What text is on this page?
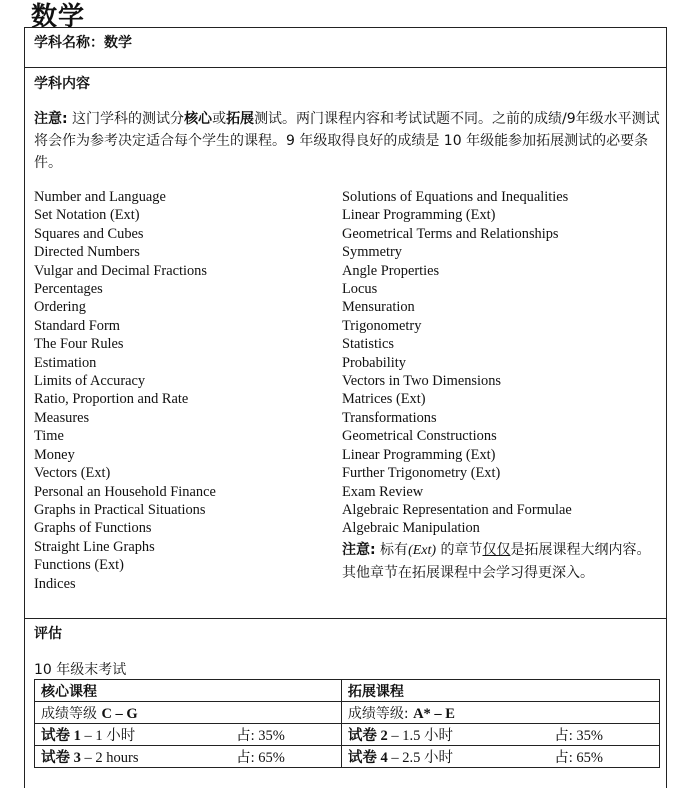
数学
学科名称：数学
学科内容
注意: 这门学科的测试分核心或拓展测试。两门课程内容和考试试题不同。之前的成绩/9年级水平测试将会作为参考决定适合每个学生的课程。9 年级取得良好的成绩是 10 年级能参加拓展测试的必要条件。
Number and Language
Set Notation (Ext)
Squares and Cubes
Directed Numbers
Vulgar and Decimal Fractions
Percentages
Ordering
Standard Form
The Four Rules
Estimation
Limits of Accuracy
Ratio, Proportion and Rate
Measures
Time
Money
Vectors (Ext)
Personal an Household Finance
Graphs in Practical Situations
Graphs of Functions
Straight Line Graphs
Functions (Ext)
Indices
Solutions of Equations and Inequalities
Linear Programming (Ext)
Geometrical Terms and Relationships
Symmetry
Angle Properties
Locus
Mensuration
Trigonometry
Statistics
Probability
Vectors in Two Dimensions
Matrices (Ext)
Transformations
Geometrical Constructions
Linear Programming (Ext)
Further Trigonometry (Ext)
Exam Review
Algebraic Representation and Formulae
Algebraic Manipulation
注意: 标有(Ext) 的章节仅仅是拓展课程大纲内容。其他章节在拓展课程中会学习得更深入。
评估
10 年级末考试
核心课程	拓展课程
成绩等级 C – G	成绩等级: A* – E

试卷 1 – 1 小时 占: 35%	试卷 2 – 1.5 小时 占: 35%

试卷 3 – 2 hours 占: 65%	试卷 4 – 2.5 小时 占: 65%
